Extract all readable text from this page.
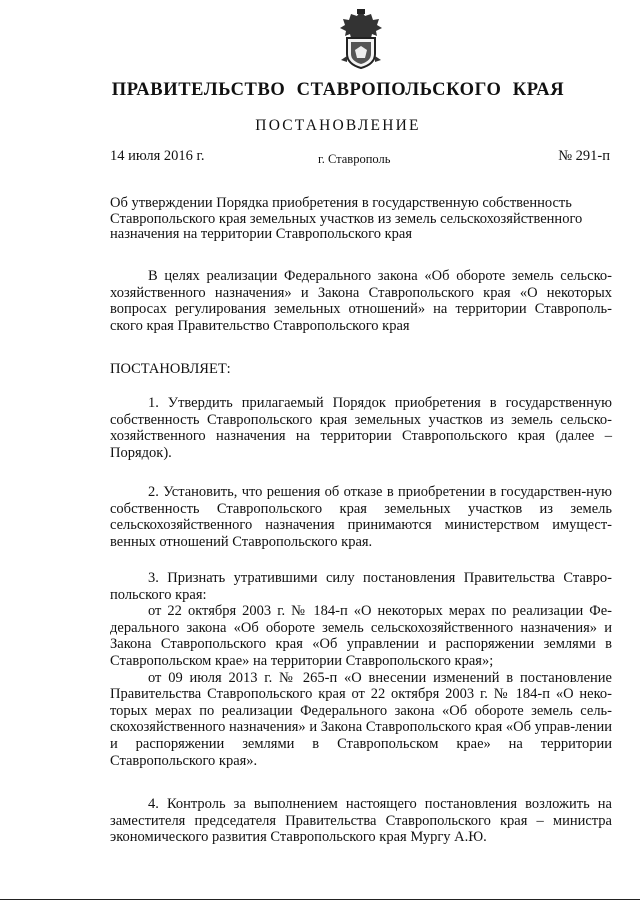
ПРАВИТЕЛЬСТВО СТАВРОПОЛЬСКОГО КРАЯ
ПОСТАНОВЛЕНИЕ
14 июля 2016 г.	г. Ставрополь	№ 291-п
Об утверждении Порядка приобретения в государственную собственность Ставропольского края земельных участков из земель сельскохозяйственного назначения на территории Ставропольского края
В целях реализации Федерального закона «Об обороте земель сельско-хозяйственного назначения» и Закона Ставропольского края «О некоторых вопросах регулирования земельных отношений» на территории Ставрополь-ского края Правительство Ставропольского края
ПОСТАНОВЛЯЕТ:
1. Утвердить прилагаемый Порядок приобретения в государственную собственность Ставропольского края земельных участков из земель сельско-хозяйственного назначения на территории Ставропольского края (далее – Порядок).
2. Установить, что решения об отказе в приобретении в государствен-ную собственность Ставропольского края земельных участков из земель сельскохозяйственного назначения принимаются министерством имущест-венных отношений Ставропольского края.

3. Признать утратившими силу постановления Правительства Ставро-польского края:

от 22 октября 2003 г. № 184-п «О некоторых мерах по реализации Фе-дерального закона «Об обороте земель сельскохозяйственного назначения» и Закона Ставропольского края «Об управлении и распоряжении землями в Ставропольском крае» на территории Ставропольского края»;

от 09 июля 2013 г. № 265-п «О внесении изменений в постановление Правительства Ставропольского края от 22 октября 2003 г. № 184-п «О неко-торых мерах по реализации Федерального закона «Об обороте земель сель-скохозяйственного назначения» и Закона Ставропольского края «Об управ-лении и распоряжении землями в Ставропольском крае» на территории Ставропольского края».

4. Контроль за выполнением настоящего постановления возложить на заместителя председателя Правительства Ставропольского края – министра экономического развития Ставропольского края Мургу А.Ю.
